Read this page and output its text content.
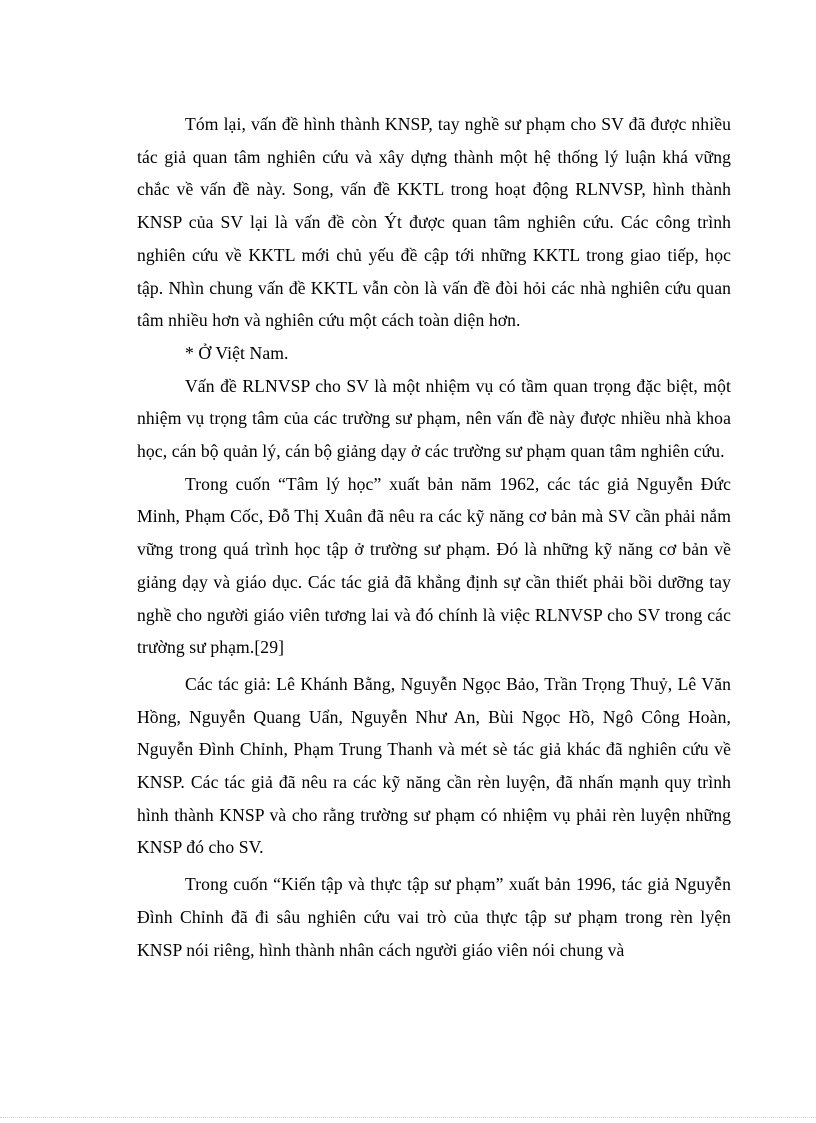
Tóm lại, vấn đề hình thành KNSP, tay nghề sư phạm cho SV đã được nhiều tác giả quan tâm nghiên cứu và xây dựng thành một hệ thống lý luận khá vững chắc về vấn đề này. Song, vấn đề KKTL trong hoạt động RLNVSP, hình thành KNSP của SV lại là vấn đề còn Ýt được quan tâm nghiên cứu. Các công trình nghiên cứu về KKTL mới chủ yếu đề cập tới những KKTL trong giao tiếp, học tập. Nhìn chung vấn đề KKTL vẫn còn là vấn đề đòi hỏi các nhà nghiên cứu quan tâm nhiều hơn và nghiên cứu một cách toàn diện hơn.

* Ở Việt Nam.

Vấn đề RLNVSP cho SV là một nhiệm vụ có tầm quan trọng đặc biệt, một nhiệm vụ trọng tâm của các trường sư phạm, nên vấn đề này được nhiều nhà khoa học, cán bộ quản lý, cán bộ giảng dạy ở các trường sư phạm quan tâm nghiên cứu.

Trong cuốn “Tâm lý học” xuất bản năm 1962, các tác giả Nguyễn Đức Minh, Phạm Cốc, Đỗ Thị Xuân đã nêu ra các kỹ năng cơ bản mà SV cần phải nắm vững trong quá trình học tập ở trường sư phạm. Đó là những kỹ năng cơ bản về giảng dạy và giáo dục. Các tác giả đã khẳng định sự cần thiết phải bồi dưỡng tay nghề cho người giáo viên tương lai và đó chính là việc RLNVSP cho SV trong các trường sư phạm.[29]

Các tác giả: Lê Khánh Bằng, Nguyễn Ngọc Bảo, Trần Trọng Thuỷ, Lê Văn Hồng, Nguyễn Quang Uẩn, Nguyễn Như An, Bùi Ngọc Hồ, Ngô Công Hoàn, Nguyễn Đình Chỉnh, Phạm Trung Thanh và mét sè tác giả khác đã nghiên cứu về KNSP. Các tác giả đã nêu ra các kỹ năng cần rèn luyện, đã nhấn mạnh quy trình hình thành KNSP và cho rằng trường sư phạm có nhiệm vụ phải rèn luyện những KNSP đó cho SV.

Trong cuốn “Kiến tập và thực tập sư phạm” xuất bản 1996, tác giả Nguyễn Đình Chỉnh đã đi sâu nghiên cứu vai trò của thực tập sư phạm trong rèn lyện KNSP nói riêng, hình thành nhân cách người giáo viên nói chung và
